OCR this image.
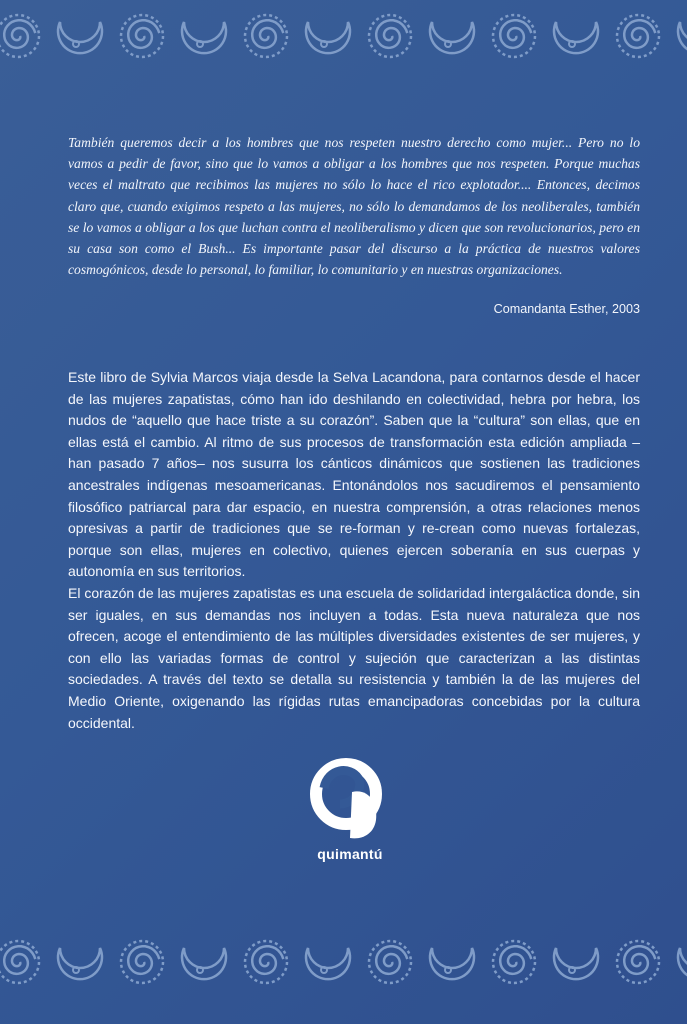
También queremos decir a los hombres que nos respeten nuestro derecho como mujer... Pero no lo vamos a pedir de favor, sino que lo vamos a obligar a los hombres que nos respeten. Porque muchas veces el maltrato que recibimos las mujeres no sólo lo hace el rico explotador.... Entonces, decimos claro que, cuando exigimos respeto a las mujeres, no sólo lo demandamos de los neoliberales, también se lo vamos a obligar a los que luchan contra el neoliberalismo y dicen que son revolucionarios, pero en su casa son como el Bush... Es importante pasar del discurso a la práctica de nuestros valores cosmogónicos, desde lo personal, lo familiar, lo comunitario y en nuestras organizaciones.
Comandanta Esther, 2003

Este libro de Sylvia Marcos viaja desde la Selva Lacandona, para contarnos desde el hacer de las mujeres zapatistas, cómo han ido deshilando en colectividad, hebra por hebra, los nudos de “aquello que hace triste a su corazón”. Saben que la “cultura” son ellas, que en ellas está el cambio. Al ritmo de sus procesos de transformación esta edición ampliada –han pasado 7 años– nos susurra los cánticos dinámicos que sostienen las tradiciones ancestrales indígenas mesoamericanas. Entonándolos nos sacudiremos el pensamiento filosófico patriarcal para dar espacio, en nuestra comprensión, a otras relaciones menos opresivas a partir de tradiciones que se re-forman y re-crean como nuevas fortalezas, porque son ellas, mujeres en colectivo, quienes ejercen soberanía en sus cuerpas y autonomía en sus territorios.

El corazón de las mujeres zapatistas es una escuela de solidaridad intergaláctica donde, sin ser iguales, en sus demandas nos incluyen a todas. Esta nueva naturaleza que nos ofrecen, acoge el entendimiento de las múltiples diversidades existentes de ser mujeres, y con ello las variadas formas de control y sujeción que caracterizan a las distintas sociedades. A través del texto se detalla su resistencia y también la de las mujeres del Medio Oriente, oxigenando las rígidas rutas emancipadoras concebidas por la cultura occidental.

quimantú
